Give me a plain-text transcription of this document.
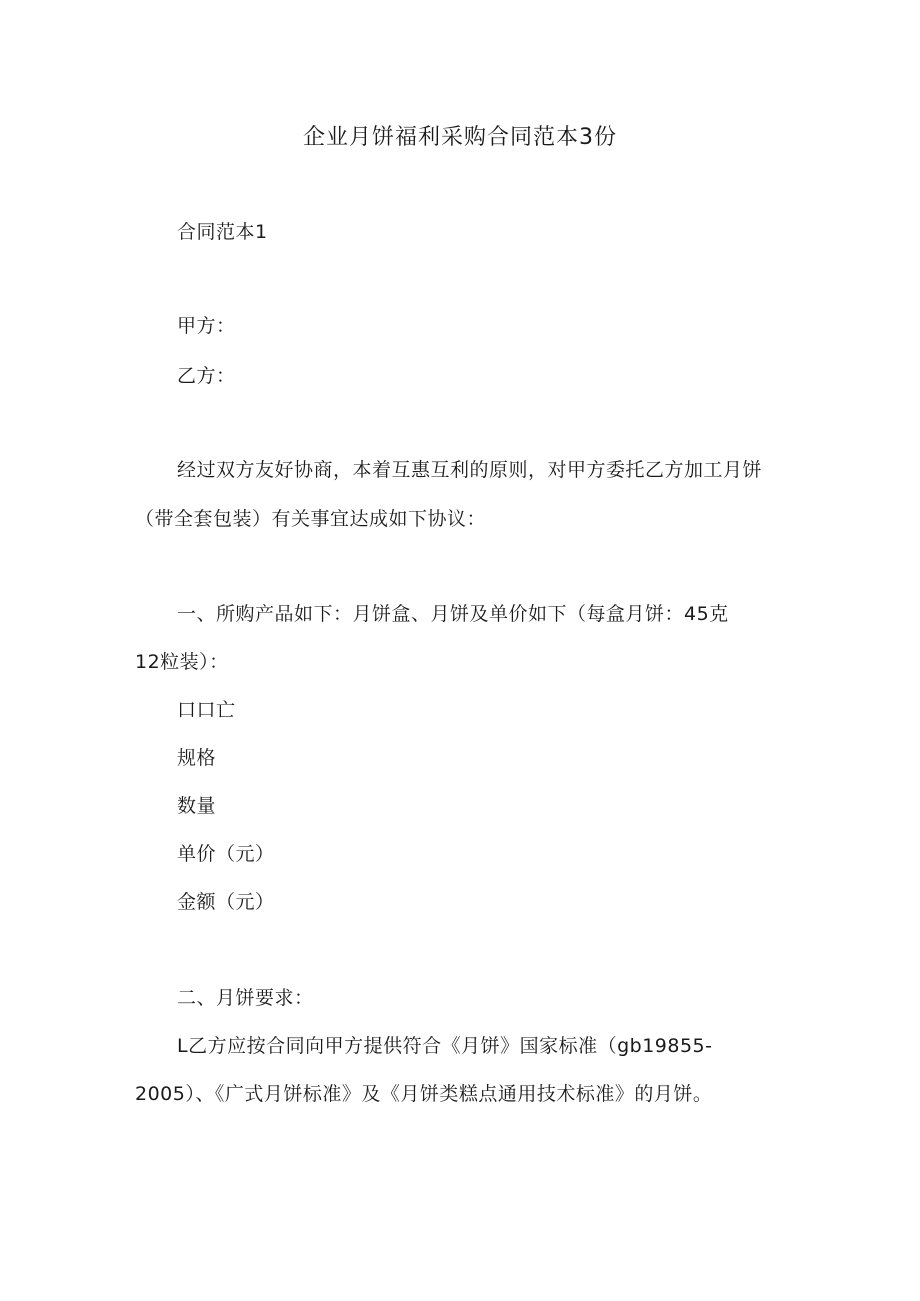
企业月饼福利采购合同范本3份
合同范本1
甲方：
乙方：
经过双方友好协商，本着互惠互利的原则，对甲方委托乙方加工月饼
（带全套包装）有关事宜达成如下协议：
一、所购产品如下：月饼盒、月饼及单价如下（每盒月饼：45克
12粒装）：
口口亡
规格
数量
单价（元）
金额（元）
二、月饼要求：
L乙方应按合同向甲方提供符合《月饼》国家标准（gb19855-
2005）、《广式月饼标准》及《月饼类糕点通用技术标准》的月饼。
